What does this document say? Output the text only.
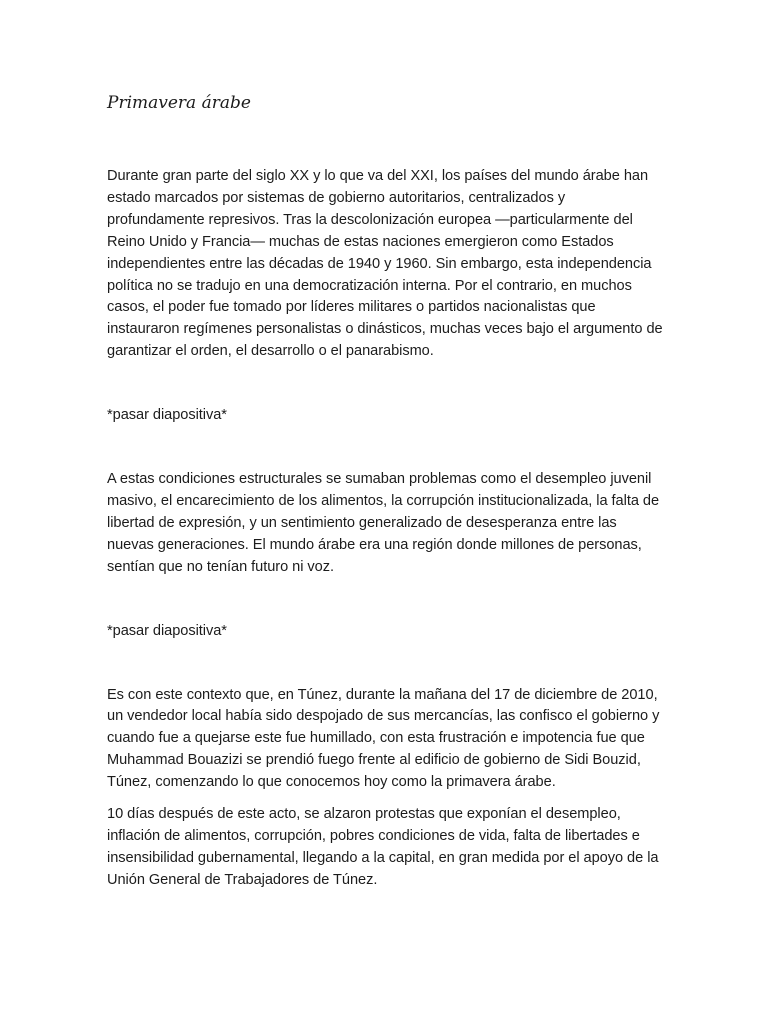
Primavera árabe

Durante gran parte del siglo XX y lo que va del XXI, los países del mundo árabe han estado marcados por sistemas de gobierno autoritarios, centralizados y profundamente represivos. Tras la descolonización europea —particularmente del Reino Unido y Francia— muchas de estas naciones emergieron como Estados independientes entre las décadas de 1940 y 1960. Sin embargo, esta independencia política no se tradujo en una democratización interna. Por el contrario, en muchos casos, el poder fue tomado por líderes militares o partidos nacionalistas que instauraron regímenes personalistas o dinásticos, muchas veces bajo el argumento de garantizar el orden, el desarrollo o el panarabismo.

*pasar diapositiva*

A estas condiciones estructurales se sumaban problemas como el desempleo juvenil masivo, el encarecimiento de los alimentos, la corrupción institucionalizada, la falta de libertad de expresión, y un sentimiento generalizado de desesperanza entre las nuevas generaciones. El mundo árabe era una región donde millones de personas, sentían que no tenían futuro ni voz.

*pasar diapositiva*

Es con este contexto que, en Túnez, durante la mañana del 17 de diciembre de 2010, un vendedor local había sido despojado de sus mercancías, las confisco el gobierno y cuando fue a quejarse este fue humillado, con esta frustración e impotencia fue que Muhammad Bouazizi se prendió fuego frente al edificio de gobierno de Sidi Bouzid, Túnez, comenzando lo que conocemos hoy como la primavera árabe.

10 días después de este acto, se alzaron protestas que exponían el desempleo, inflación de alimentos, corrupción, pobres condiciones de vida, falta de libertades e insensibilidad gubernamental, llegando a la capital, en gran medida por el apoyo de la Unión General de Trabajadores de Túnez.
